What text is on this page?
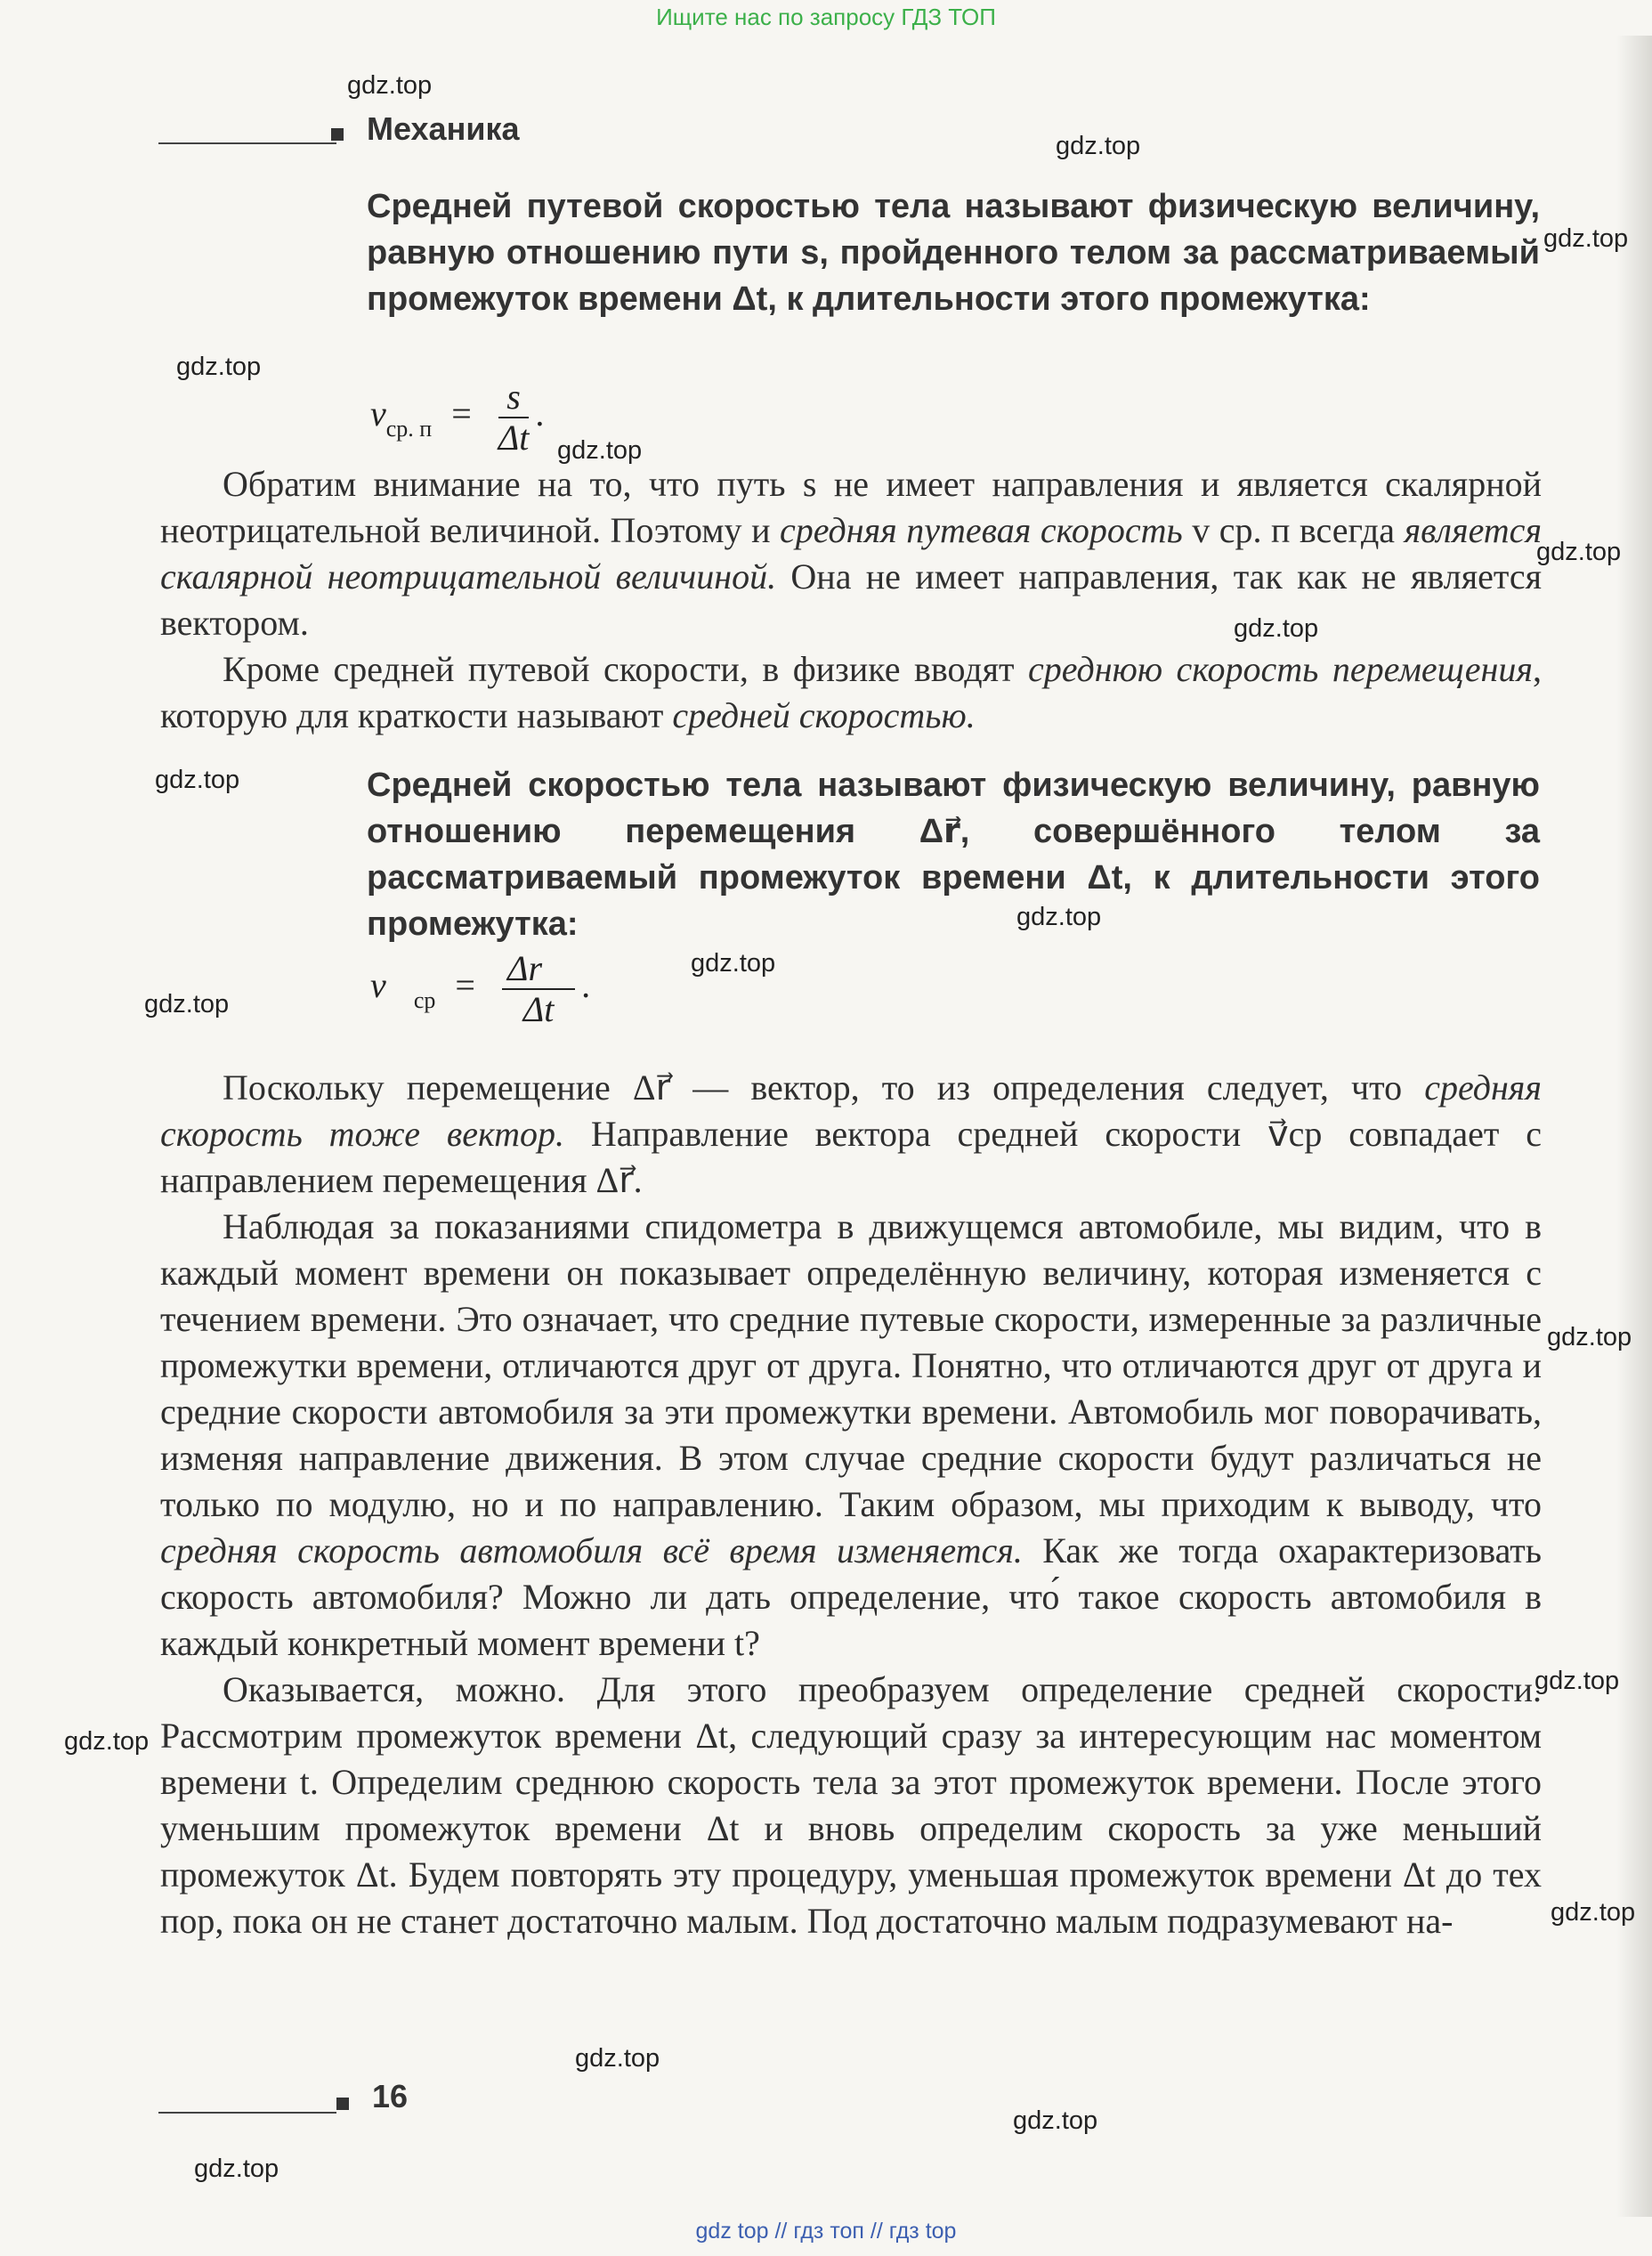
Ищите нас по запросу ГДЗ ТОП
Механика
Средней путевой скоростью тела называют физическую величину, равную отношению пути s, пройденного телом за рассматриваемый промежуток времени Δt, к длительности этого промежутка:
$v_{ср. п} = \frac{s}{\Delta t}$ .

Обратим внимание на то, что путь s не имеет направления и является скалярной неотрицательной величиной. Поэтому и средняя путевая скорость v ср. п всегда является скалярной неотрицательной величиной. Она не имеет направления, так как не является вектором.

Кроме средней путевой скорости, в физике вводят среднюю скорость перемещения, которую для краткости называют средней скоростью.

Средней скоростью тела называют физическую величину, равную отношению перемещения Δr⃗, совершённого телом за рассматриваемый промежуток времени Δt, к длительности этого промежутка:
$v⃗_{ср} = \frac{\Delta r⃗}{\Delta t}$ .

Поскольку перемещение Δr⃗ — вектор, то из определения следует, что средняя скорость тоже вектор. Направление вектора средней скорости v⃗ср совпадает с направлением перемещения Δr⃗.

Наблюдая за показаниями спидометра в движущемся автомобиле, мы видим, что в каждый момент времени он показывает определённую величину, которая изменяется с течением времени. Это означает, что средние путевые скорости, измеренные за различные промежутки времени, отличаются друг от друга. Понятно, что отличаются друг от друга и средние скорости автомобиля за эти промежутки времени. Автомобиль мог поворачивать, изменяя направление движения. В этом случае средние скорости будут различаться не только по модулю, но и по направлению. Таким образом, мы приходим к выводу, что средняя скорость автомобиля всё время изменяется. Как же тогда охарактеризовать скорость автомобиля? Можно ли дать определение, что́ такое скорость автомобиля в каждый конкретный момент времени t?

Оказывается, можно. Для этого преобразуем определение средней скорости. Рассмотрим промежуток времени Δt, следующий сразу за интересующим нас моментом времени t. Определим среднюю скорость тела за этот промежуток времени. После этого уменьшим промежуток времени Δt и вновь определим скорость за уже меньший промежуток Δt. Будем повторять эту процедуру, уменьшая промежуток времени Δt до тех пор, пока он не станет достаточно малым. Под достаточно малым подразумевают на-

16
gdz.top
gdz.top
gdz.top
gdz.top
gdz.top
gdz.top
gdz.top
gdz.top
gdz.top
gdz.top
gdz.top
gdz.top
gdz.top
gdz.top
gdz.top
gdz.top
gdz.top
gdz.top
gdz top // гдз топ // гдз top
